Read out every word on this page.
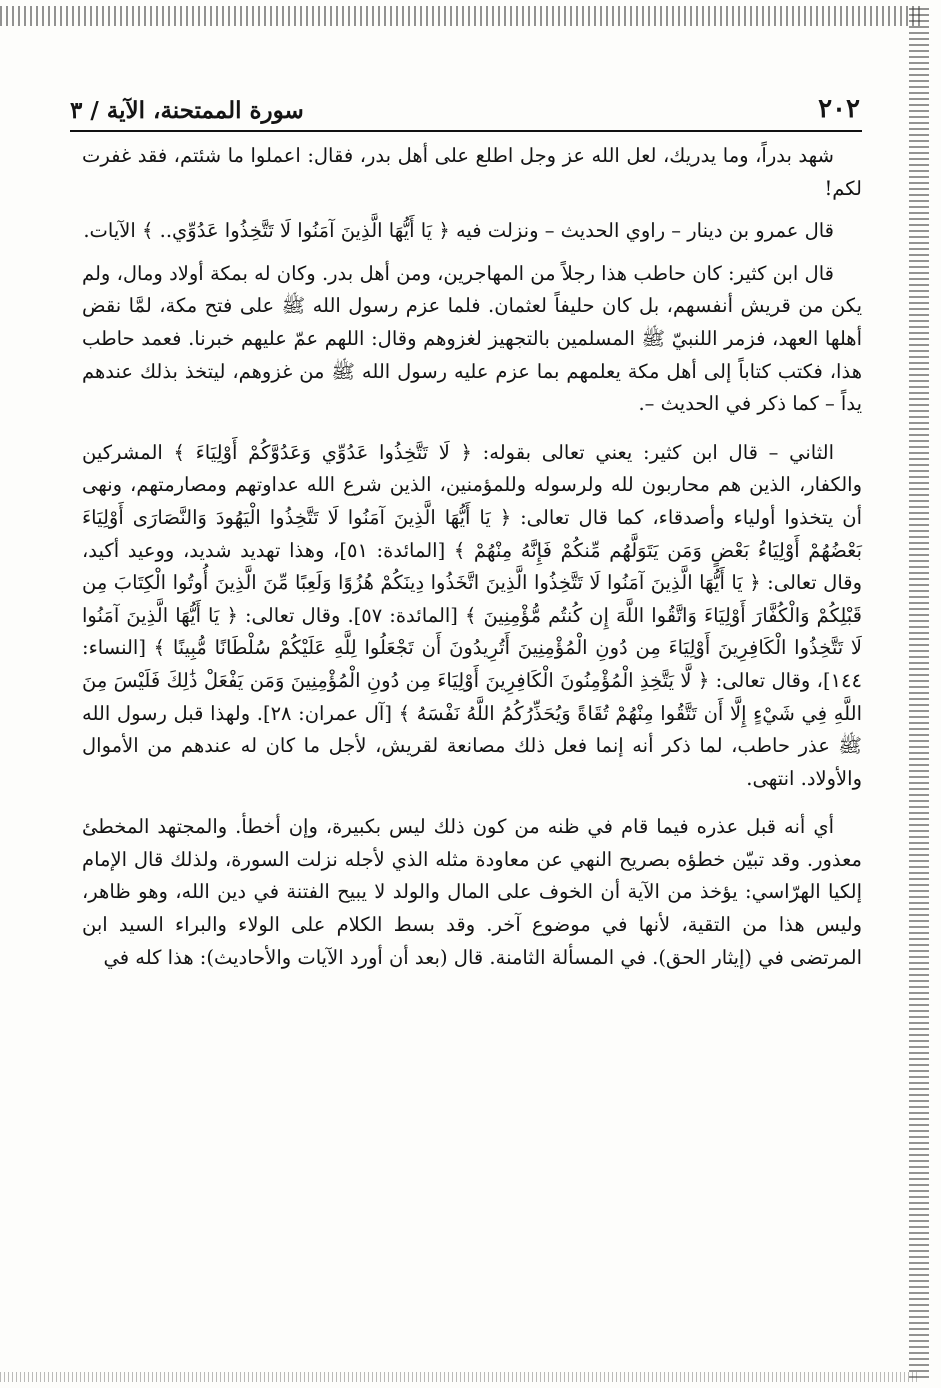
٢٠٢
سورة الممتحنة، الآية / ٣

شهد بدراً، وما يدريك، لعل الله عز وجل اطلع على أهل بدر، فقال: اعملوا ما شئتم، فقد غفرت لكم!

قال عمرو بن دينار – راوي الحديث – ونزلت فيه ﴿ يَا أَيُّهَا الَّذِينَ آمَنُوا لَا تَتَّخِذُوا عَدُوِّي.. ﴾ الآيات.

قال ابن كثير: كان حاطب هذا رجلاً من المهاجرين، ومن أهل بدر. وكان له بمكة أولاد ومال، ولم يكن من قريش أنفسهم، بل كان حليفاً لعثمان. فلما عزم رسول الله ﷺ على فتح مكة، لمَّا نقض أهلها العهد، فزمر اللنبيّ ﷺ المسلمين بالتجهيز لغزوهم وقال: اللهم عمّ عليهم خبرنا. فعمد حاطب هذا، فكتب كتاباً إلى أهل مكة يعلمهم بما عزم عليه رسول الله ﷺ من غزوهم، ليتخذ بذلك عندهم يداً – كما ذكر في الحديث –.

الثاني – قال ابن كثير: يعني تعالى بقوله: ﴿ لَا تَتَّخِذُوا عَدُوِّي وَعَدُوَّكُمْ أَوْلِيَاءَ ﴾ المشركين والكفار، الذين هم محاربون لله ولرسوله وللمؤمنين، الذين شرع الله عداوتهم ومصارمتهم، ونهى أن يتخذوا أولياء وأصدقاء، كما قال تعالى: ﴿ يَا أَيُّهَا الَّذِينَ آمَنُوا لَا تَتَّخِذُوا الْيَهُودَ وَالنَّصَارَى أَوْلِيَاءَ بَعْضُهُمْ أَوْلِيَاءُ بَعْضٍ وَمَن يَتَوَلَّهُم مِّنكُمْ فَإِنَّهُ مِنْهُمْ ﴾ [المائدة: ٥١]، وهذا تهديد شديد، ووعيد أكيد، وقال تعالى: ﴿ يَا أَيُّهَا الَّذِينَ آمَنُوا لَا تَتَّخِذُوا الَّذِينَ اتَّخَذُوا دِينَكُمْ هُزُوًا وَلَعِبًا مِّنَ الَّذِينَ أُوتُوا الْكِتَابَ مِن قَبْلِكُمْ وَالْكُفَّارَ أَوْلِيَاءَ وَاتَّقُوا اللَّهَ إِن كُنتُم مُّؤْمِنِينَ ﴾ [المائدة: ٥٧]. وقال تعالى: ﴿ يَا أَيُّهَا الَّذِينَ آمَنُوا لَا تَتَّخِذُوا الْكَافِرِينَ أَوْلِيَاءَ مِن دُونِ الْمُؤْمِنِينَ أَتُرِيدُونَ أَن تَجْعَلُوا لِلَّهِ عَلَيْكُمْ سُلْطَانًا مُّبِينًا ﴾ [النساء: ١٤٤]، وقال تعالى: ﴿ لَّا يَتَّخِذِ الْمُؤْمِنُونَ الْكَافِرِينَ أَوْلِيَاءَ مِن دُونِ الْمُؤْمِنِينَ وَمَن يَفْعَلْ ذَٰلِكَ فَلَيْسَ مِنَ اللَّهِ فِي شَيْءٍ إِلَّا أَن تَتَّقُوا مِنْهُمْ تُقَاةً وَيُحَذِّرُكُمُ اللَّهُ نَفْسَهُ ﴾ [آل عمران: ٢٨]. ولهذا قبل رسول الله ﷺ عذر حاطب، لما ذكر أنه إنما فعل ذلك مصانعة لقريش، لأجل ما كان له عندهم من الأموال والأولاد. انتهى.

أي أنه قبل عذره فيما قام في ظنه من كون ذلك ليس بكبيرة، وإن أخطأ. والمجتهد المخطئ معذور. وقد تبيّن خطؤه بصريح النهي عن معاودة مثله الذي لأجله نزلت السورة، ولذلك قال الإمام إلكيا الهرّاسي: يؤخذ من الآية أن الخوف على المال والولد لا يبيح الفتنة في دين الله، وهو ظاهر، وليس هذا من التقية، لأنها في موضوع آخر. وقد بسط الكلام على الولاء والبراء السيد ابن المرتضى في (إيثار الحق). في المسألة الثامنة. قال (بعد أن أورد الآيات والأحاديث): هذا كله في
